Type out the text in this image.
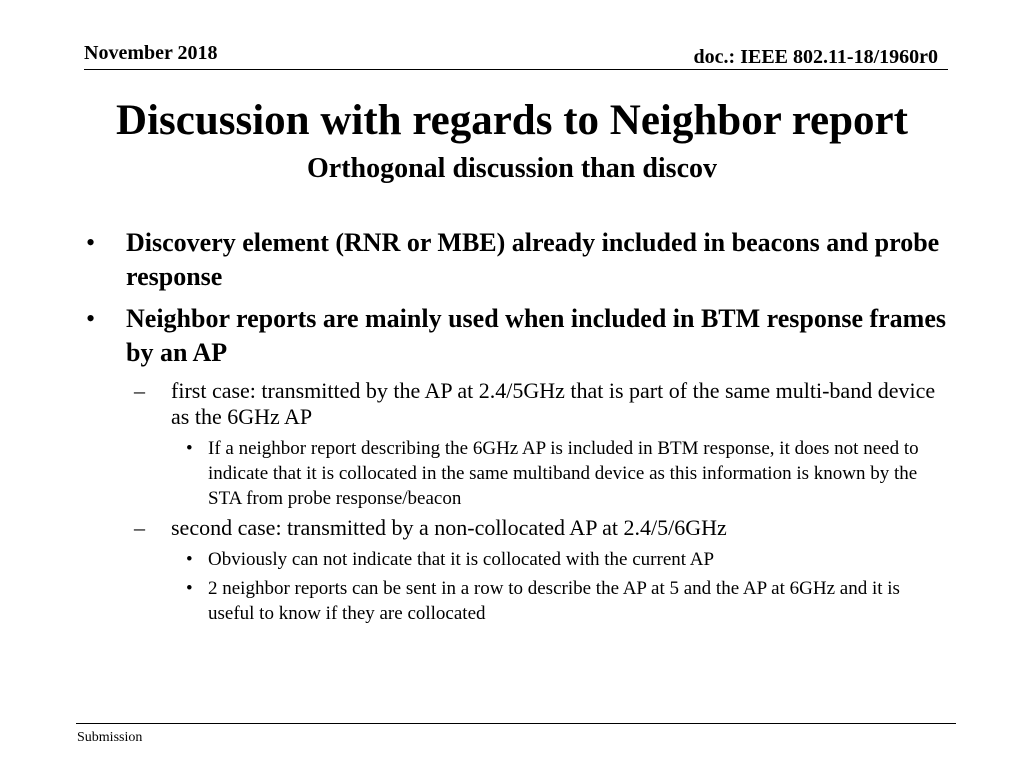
November 2018	doc.: IEEE 802.11-18/1960r0
Discussion with regards to Neighbor report
Orthogonal discussion than discov
• Discovery element (RNR or MBE) already included in beacons and probe response
• Neighbor reports are mainly used when included in BTM response frames by an AP
– first case: transmitted by the AP at 2.4/5GHz that is part of the same multi-band device as the 6GHz AP
• If a neighbor report describing the 6GHz AP is included in BTM response, it does not need to indicate that it is collocated in the same multiband device as this information is known by the STA from probe response/beacon
– second case: transmitted by a non-collocated AP at 2.4/5/6GHz
• Obviously can not indicate that it is collocated with the current AP
• 2 neighbor reports can be sent in a row to describe the AP at 5 and the AP at 6GHz and it is useful to know if they are collocated
Submission
